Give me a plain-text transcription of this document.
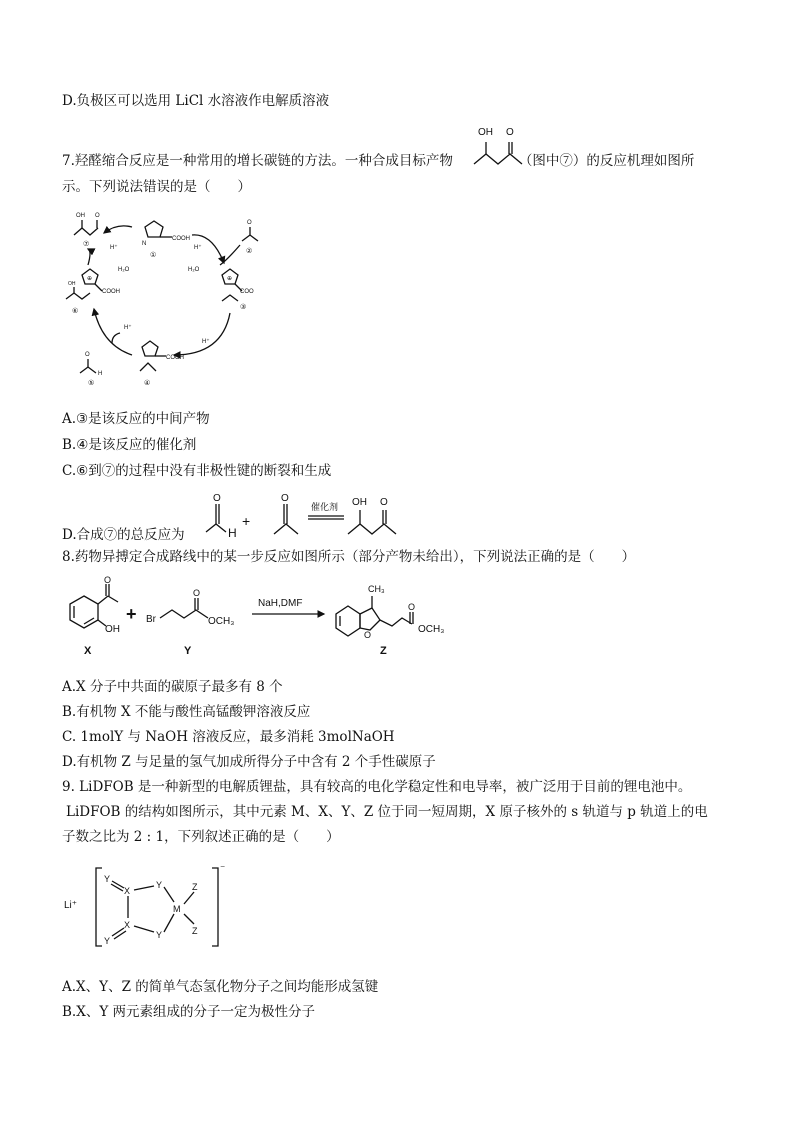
D.负极区可以选用 LiCl 水溶液作电解质溶液
7.羟醛缩合反应是一种常用的增长碳链的方法。一种合成目标产物	（图中⑦）的反应机理如图所
OH O
示。下列说法错误的是（　　）
OH O
⑦	N
COOH
①
O
②
⊕
COOH
OH
⑥
⊕
COO
③
O
H
⑤
COOH
④
H⁺
H₂O
H⁺
H₂O
H⁺
H⁺
A.③是该反应的中间产物
B.④是该反应的催化剂
C.⑥到⑦的过程中没有非极性键的断裂和生成
D.合成⑦的总反应为
O
H
+
O
催化剂 OH O
8.药物异搏定合成路线中的某一步反应如图所示（部分产物未给出），下列说法正确的是（　　）
O
OH
X
+ Br
O
OCH₃
Y
NaH,DMF
CH₃
O
O
OCH₃
Z
A.X 分子中共面的碳原子最多有 8 个
B.有机物 X 不能与酸性高锰酸钾溶液反应
C. 1molY 与 NaOH 溶液反应，最多消耗 3molNaOH
D.有机物 Z 与足量的氢气加成所得分子中含有 2 个手性碳原子
9. LiDFOB 是一种新型的电解质锂盐，具有较高的电化学稳定性和电导率，被广泛用于目前的锂电池中。
LiDFOB 的结构如图所示，其中元素 M、X、Y、Z 位于同一短周期，X 原子核外的 s 轨道与 p 轨道上的电
子数之比为 2 : 1，下列叙述正确的是（　　）
Li⁺
⁻
Y
X
Y
M
X
Y
Y
Z
Z
A.X、Y、Z 的简单气态氢化物分子之间均能形成氢键
B.X、Y 两元素组成的分子一定为极性分子
